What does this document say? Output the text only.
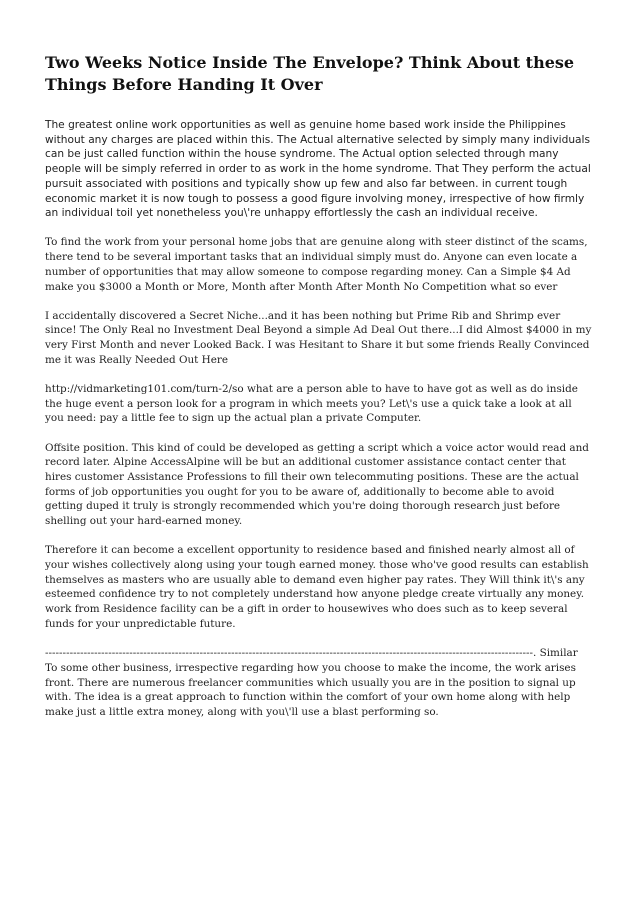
Two Weeks Notice Inside The Envelope? Think About these Things Before Handing It Over

The greatest online work opportunities as well as genuine home based work inside the Philippines without any charges are placed within this. The Actual alternative selected by simply many individuals can be just called function within the house syndrome. The Actual option selected through many people will be simply referred in order to as work in the home syndrome. That They perform the actual pursuit associated with positions and typically show up few and also far between. in current tough economic market it is now tough to possess a good figure involving money, irrespective of how firmly an individual toil yet nonetheless you\'re unhappy effortlessly the cash an individual receive.

To find the work from your personal home jobs that are genuine along with steer distinct of the scams, there tend to be several important tasks that an individual simply must do. Anyone can even locate a number of opportunities that may allow someone to compose regarding money. Can a Simple $4 Ad make you $3000 a Month or More, Month after Month After Month No Competition what so ever

I accidentally discovered a Secret Niche...and it has been nothing but Prime Rib and Shrimp ever since! The Only Real no Investment Deal Beyond a simple Ad Deal Out there...I did Almost $4000 in my very First Month and never Looked Back. I was Hesitant to Share it but some friends Really Convinced me it was Really Needed Out Here

http://vidmarketing101.com/turn-2/so what are a person able to have to have got as well as do inside the huge event a person look for a program in which meets you? Let\'s use a quick take a look at all you need: pay a little fee to sign up the actual plan a private Computer.

Offsite position. This kind of could be developed as getting a script which a voice actor would read and record later. Alpine AccessAlpine will be but an additional customer assistance contact center that hires customer Assistance Professions to fill their own telecommuting positions. These are the actual forms of job opportunities you ought for you to be aware of, additionally to become able to avoid getting duped it truly is strongly recommended which you're doing thorough research just before shelling out your hard-earned money.

Therefore it can become a excellent opportunity to residence based and finished nearly almost all of your wishes collectively along using your tough earned money. those who've good results can establish themselves as masters who are usually able to demand even higher pay rates. They Will think it\'s any esteemed confidence try to not completely understand how anyone pledge create virtually any money. work from Residence facility can be a gift in order to housewives who does such as to keep several funds for your unpredictable future.

-------------------------------------------------------------------------------------------------------------------------------------------. Similar To some other business, irrespective regarding how you choose to make the income, the work arises front. There are numerous freelancer communities which usually you are in the position to signal up with. The idea is a great approach to function within the comfort of your own home along with help make just a little extra money, along with you\'ll use a blast performing so.
